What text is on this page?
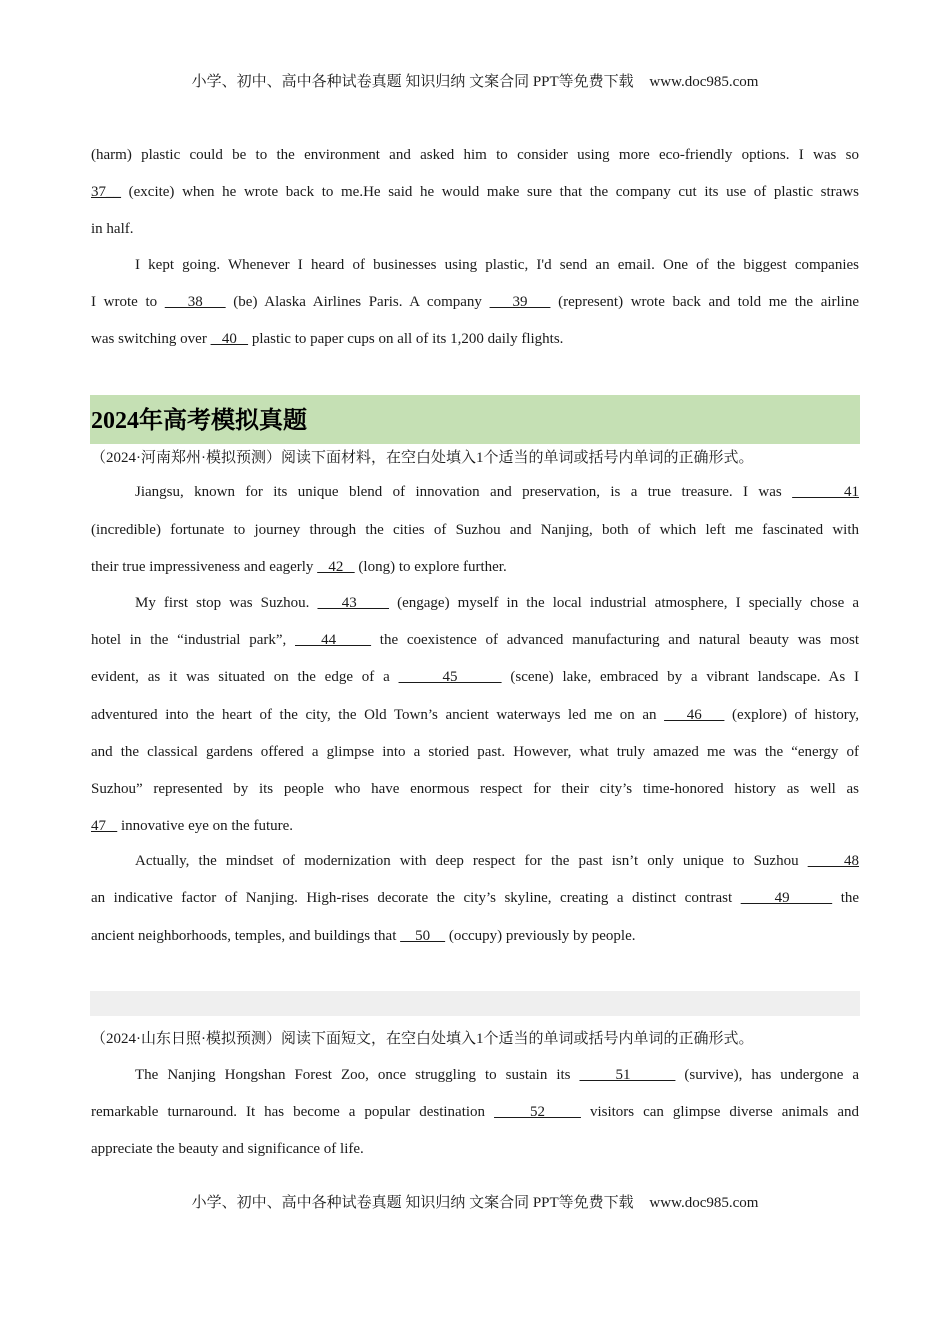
小学、初中、高中各种试卷真题 知识归纳 文案合同 PPT等免费下载 www.doc985.com
2024年高考模拟真题
（2024·河南郑州·模拟预测）阅读下面材料，在空白处填入1个适当的单词或括号内单词的正确形式。
（2024·山东日照·模拟预测）阅读下面短文，在空白处填入1个适当的单词或括号内单词的正确形式。
(harm) plastic could be to the environment and asked him to consider using more eco-friendly options. I was so
37__ (excite) when he wrote back to me.He said he would make sure that the company cut its use of plastic straws
in half.
I kept going. Whenever I heard of businesses using plastic, I'd send an email. One of the biggest companies
I wrote to    38    (be) Alaska Airlines Paris. A company    39    (represent) wrote back and told me the airline
was switching over    40    plastic to paper cups on all of its 1,200 daily flights.
Jiangsu, known for its unique blend of innovation and preservation, is a true treasure. I was      41
(incredible) fortunate to journey through the cities of Suzhou and Nanjing, both of which left me fascinated with
their true impressiveness and eagerly    42    (long) to explore further.
My first stop was Suzhou.    43     (engage) myself in the local industrial atmosphere, I specially chose a
hotel in the “industrial park”,    44     the coexistence of advanced manufacturing and natural beauty was most
evident, as it was situated on the edge of a      45      (scene) lake, embraced by a vibrant landscape. As I
adventured into the heart of the city, the Old Town’s ancient waterways led me on an    46    (explore) of history,
and the classical gardens offered a glimpse into a storied past. However, what truly amazed me was the “energy of
Suzhou” represented by its people who have enormous respect for their city’s time-honored history as well as
47    innovative eye on the future.
Actually, the mindset of modernization with deep respect for the past isn’t only unique to Suzhou     48
an indicative factor of Nanjing. High-rises decorate the city’s skyline, creating a distinct contrast     49      the
ancient neighborhoods, temples, and buildings that     50     (occupy) previously by people.
The Nanjing Hongshan Forest Zoo, once struggling to sustain its     51      (survive), has undergone a
remarkable turnaround. It has become a popular destination     52     visitors can glimpse diverse animals and
appreciate the beauty and significance of life.
小学、初中、高中各种试卷真题 知识归纳 文案合同 PPT等免费下载 www.doc985.com
